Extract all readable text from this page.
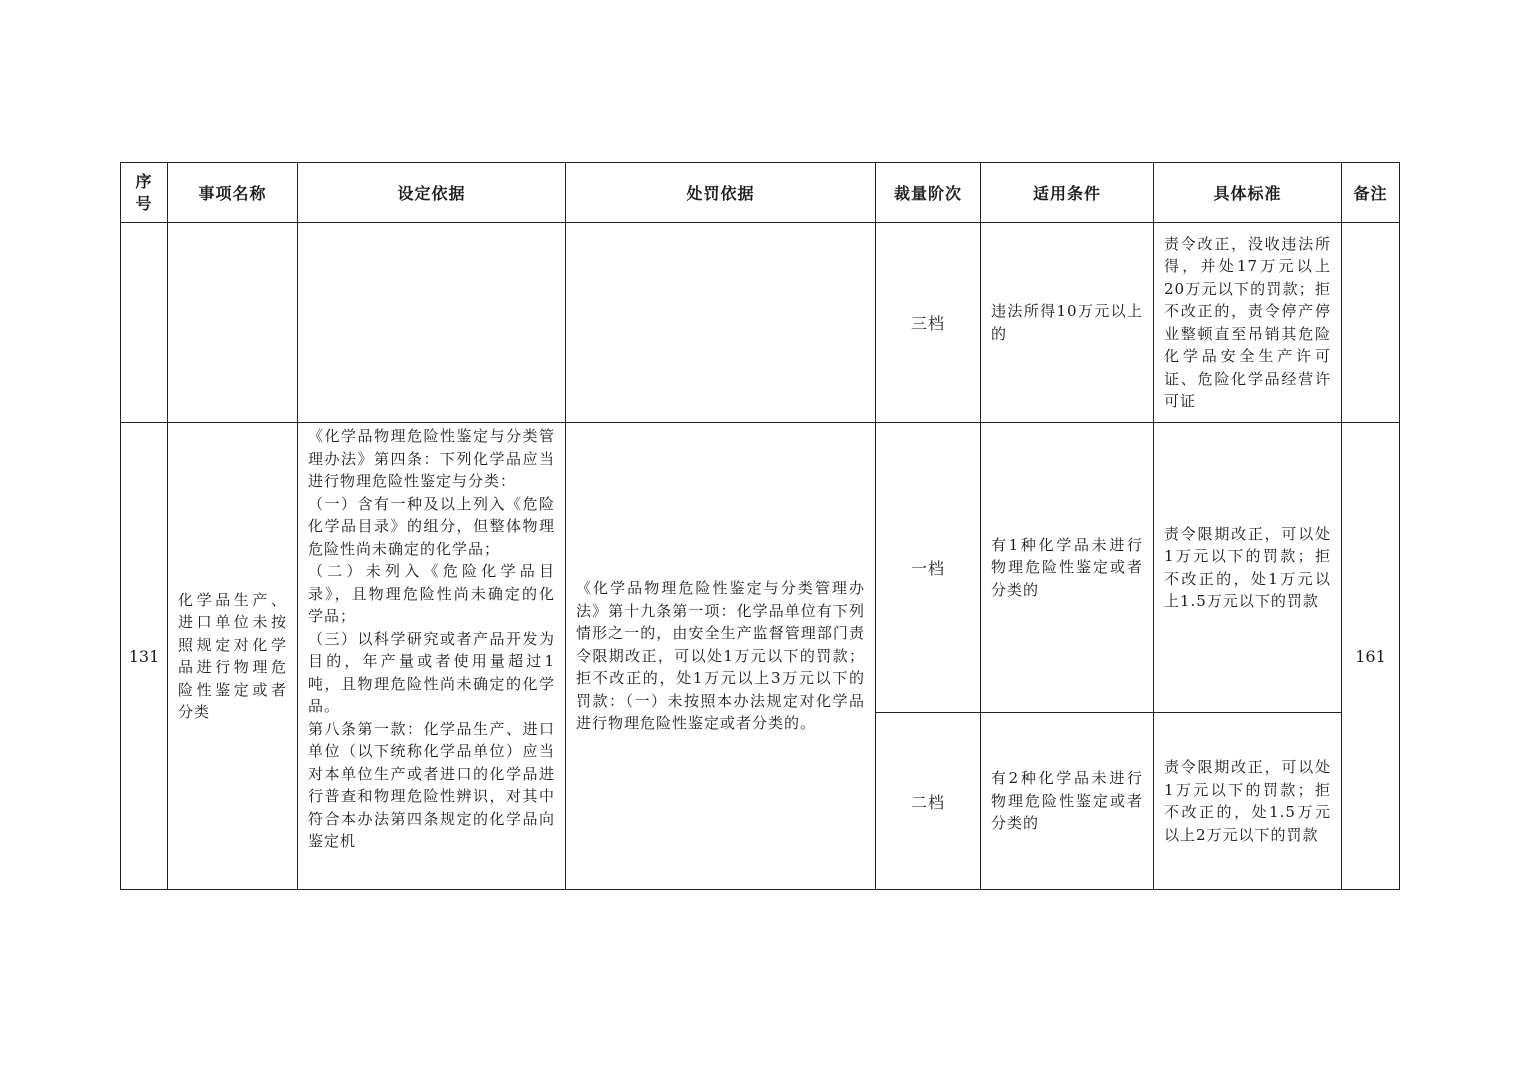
序
号	事项名称	设定依据	处罚依据	裁量阶次	适用条件	具体标准	备注
				三档	违法所得10万元以上的	责令改正，没收违法所得，并处17万元以上20万元以下的罚款；拒不改正的，责令停产停业整顿直至吊销其危险化学品安全生产许可证、危险化学品经营许可证	
131	化学品生产、进口单位未按照规定对化学品进行物理危险性鉴定或者分类	《化学品物理危险性鉴定与分类管理办法》第四条：下列化学品应当进行物理危险性鉴定与分类：
（一）含有一种及以上列入《危险化学品目录》的组分，但整体物理危险性尚未确定的化学品；
（二）未列入《危险化学品目录》，且物理危险性尚未确定的化学品；
（三）以科学研究或者产品开发为目的，年产量或者使用量超过1吨，且物理危险性尚未确定的化学品。
第八条第一款：化学品生产、进口单位（以下统称化学品单位）应当对本单位生产或者进口的化学品进行普查和物理危险性辨识，对其中符合本办法第四条规定的化学品向鉴定机	《化学品物理危险性鉴定与分类管理办法》第十九条第一项：化学品单位有下列情形之一的，由安全生产监督管理部门责令限期改正，可以处1万元以下的罚款；拒不改正的，处1万元以上3万元以下的罚款：（一）未按照本办法规定对化学品进行物理危险性鉴定或者分类的。	一档	有1种化学品未进行物理危险性鉴定或者分类的	责令限期改正，可以处1万元以下的罚款；拒不改正的，处1万元以上1.5万元以下的罚款	161
				二档	有2种化学品未进行物理危险性鉴定或者分类的	责令限期改正，可以处1万元以下的罚款；拒不改正的，处1.5万元以上2万元以下的罚款	
